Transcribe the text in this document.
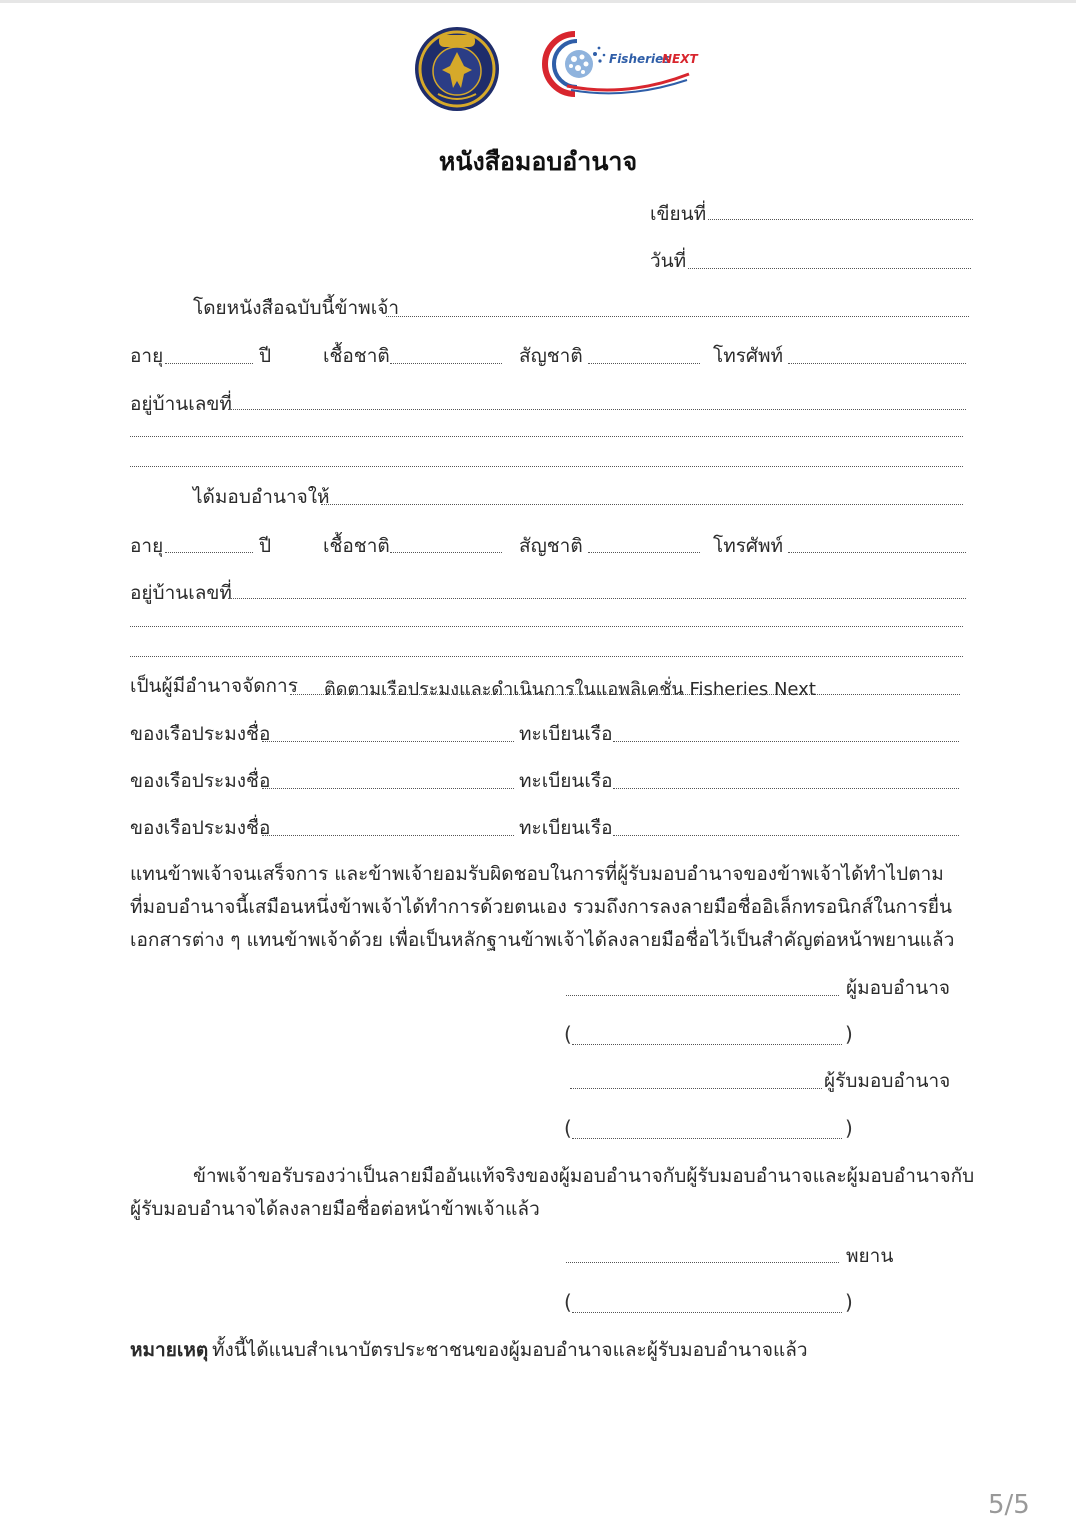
Fisheries
NEXT
หนังสือมอบอำนาจ
เขียนที่
วันที่
โดยหนังสือฉบับนี้ข้าพเจ้า
อายุ	ปี	เชื้อชาติ	สัญชาติ	โทรศัพท์
อยู่บ้านเลขที่
ได้มอบอำนาจให้
อายุ	ปี	เชื้อชาติ	สัญชาติ	โทรศัพท์
อยู่บ้านเลขที่
เป็นผู้มีอำนาจจัดการ ติดตามเรือประมงและดำเนินการในแอพลิเคชั่น Fisheries Next
ของเรือประมงชื่อ	ทะเบียนเรือ
ของเรือประมงชื่อ	ทะเบียนเรือ
ของเรือประมงชื่อ	ทะเบียนเรือ
แทนข้าพเจ้าจนเสร็จการ และข้าพเจ้ายอมรับผิดชอบในการที่ผู้รับมอบอำนาจของข้าพเจ้าได้ทำไปตาม
ที่มอบอำนาจนี้เสมือนหนึ่งข้าพเจ้าได้ทำการด้วยตนเอง รวมถึงการลงลายมือชื่ออิเล็กทรอนิกส์ในการยื่น
เอกสารต่าง ๆ แทนข้าพเจ้าด้วย เพื่อเป็นหลักฐานข้าพเจ้าได้ลงลายมือชื่อไว้เป็นสำคัญต่อหน้าพยานแล้ว
ผู้มอบอำนาจ
(	)
ผู้รับมอบอำนาจ
(	)
ข้าพเจ้าขอรับรองว่าเป็นลายมืออันแท้จริงของผู้มอบอำนาจกับผู้รับมอบอำนาจและผู้มอบอำนาจกับ
ผู้รับมอบอำนาจได้ลงลายมือชื่อต่อหน้าข้าพเจ้าแล้ว
พยาน
(	)
หมายเหตุ ทั้งนี้ได้แนบสำเนาบัตรประชาชนของผู้มอบอำนาจและผู้รับมอบอำนาจแล้ว
5/5
